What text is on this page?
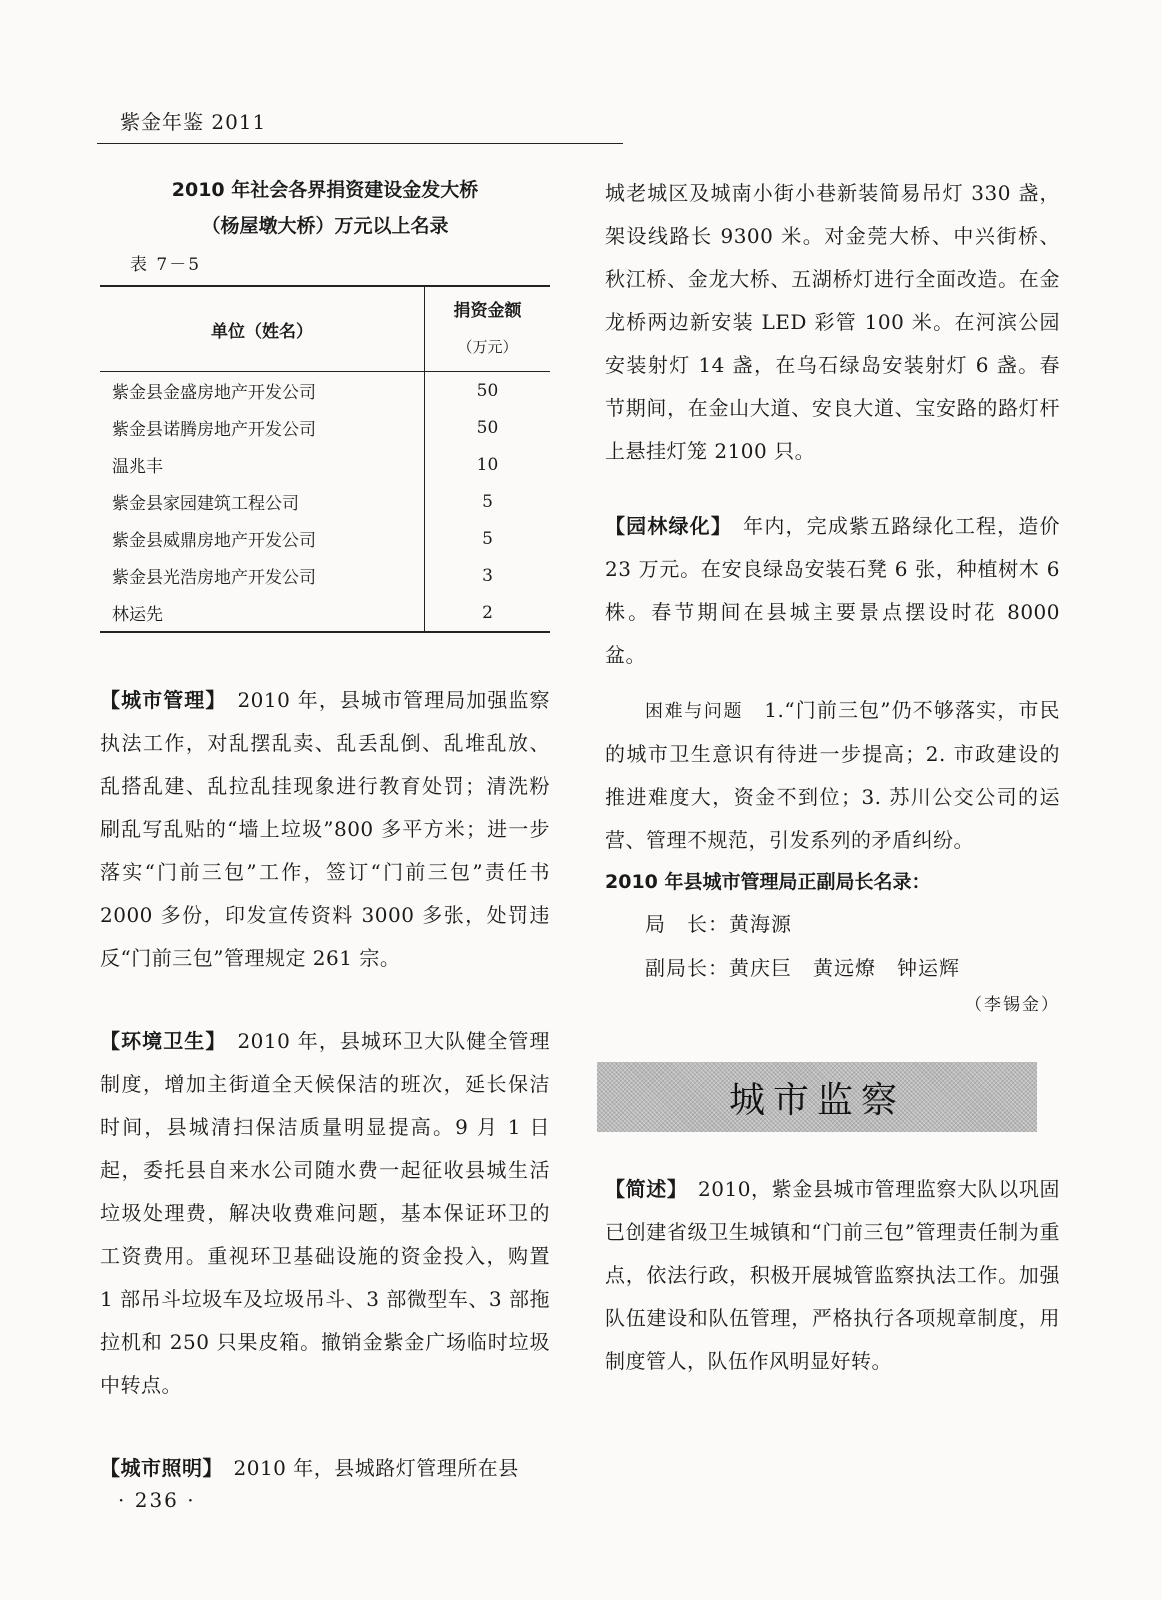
紫金年鉴 2011
2010 年社会各界捐资建设金发大桥
（杨屋墩大桥）万元以上名录
表 7－5
单位（姓名）	捐资金额
（万元）

紫金县金盛房地产开发公司	50
紫金县诺腾房地产开发公司	50
温兆丰	10
紫金县家园建筑工程公司	5
紫金县威鼎房地产开发公司	5
紫金县光浩房地产开发公司	3
林运先	2

【城市管理】　2010 年，县城市管理局加强监察执法工作，对乱摆乱卖、乱丢乱倒、乱堆乱放、乱搭乱建、乱拉乱挂现象进行教育处罚；清洗粉刷乱写乱贴的“墙上垃圾”800 多平方米；进一步落实“门前三包”工作，签订“门前三包”责任书 2000 多份，印发宣传资料 3000 多张，处罚违反“门前三包”管理规定 261 宗。

【环境卫生】　2010 年，县城环卫大队健全管理制度，增加主街道全天候保洁的班次，延长保洁时间，县城清扫保洁质量明显提高。9 月 1 日起，委托县自来水公司随水费一起征收县城生活垃圾处理费，解决收费难问题，基本保证环卫的工资费用。重视环卫基础设施的资金投入，购置 1 部吊斗垃圾车及垃圾吊斗、3 部微型车、3 部拖拉机和 250 只果皮箱。撤销金紫金广场临时垃圾中转点。

【城市照明】　2010 年，县城路灯管理所在县

城老城区及城南小街小巷新装简易吊灯 330 盏，架设线路长 9300 米。对金莞大桥、中兴街桥、秋江桥、金龙大桥、五湖桥灯进行全面改造。在金龙桥两边新安装 LED 彩管 100 米。在河滨公园安装射灯 14 盏，在乌石绿岛安装射灯 6 盏。春节期间，在金山大道、安良大道、宝安路的路灯杆上悬挂灯笼 2100 只。

【园林绿化】　年内，完成紫五路绿化工程，造价 23 万元。在安良绿岛安装石凳 6 张，种植树木 6 株。春节期间在县城主要景点摆设时花 8000 盆。

困难与问题　1.“门前三包”仍不够落实，市民的城市卫生意识有待进一步提高；2. 市政建设的推进难度大，资金不到位；3. 苏川公交公司的运营、管理不规范，引发系列的矛盾纠纷。

2010 年县城市管理局正副局长名录：
局　长：黄海源
副局长：黄庆巨　黄远燎　钟运辉
（李锡金）
城市监察

【简述】　2010，紫金县城市管理监察大队以巩固已创建省级卫生城镇和“门前三包”管理责任制为重点，依法行政，积极开展城管监察执法工作。加强队伍建设和队伍管理，严格执行各项规章制度，用制度管人，队伍作风明显好转。

· 236 ·
